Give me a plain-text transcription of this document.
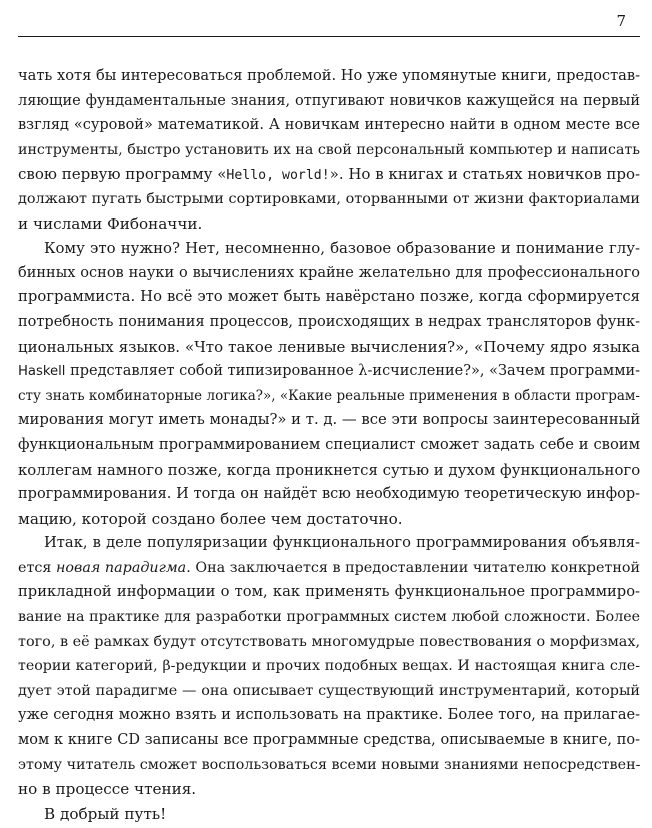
7
чать хотя бы интересоваться проблемой. Но уже упомянутые книги, предостав-
ляющие фундаментальные знания, отпугивают новичков кажущейся на первый
взгляд «суровой» математикой. А новичкам интересно найти в одном месте все
инструменты, быстро установить их на свой персональный компьютер и написать
свою первую программу «Hello, world!». Но в книгах и статьях новичков про-
должают пугать быстрыми сортировками, оторванными от жизни факториалами
и числами Фибоначчи.
Кому это нужно? Нет, несомненно, базовое образование и понимание глу-
бинных основ науки о вычислениях крайне желательно для профессионального
программиста. Но всё это может быть навёрстано позже, когда сформируется
потребность понимания процессов, происходящих в недрах трансляторов функ-
циональных языков. «Что такое ленивые вычисления?», «Почему ядро языка
Haskell представляет собой типизированное λ-исчисление?», «Зачем программи-
сту знать комбинаторные логика?», «Какие реальные применения в области програм-
мирования могут иметь монады?» и т. д. — все эти вопросы заинтересованный
функциональным программированием специалист сможет задать себе и своим
коллегам намного позже, когда проникнется сутью и духом функционального
программирования. И тогда он найдёт всю необходимую теоретическую инфор-
мацию, которой создано более чем достаточно.
Итак, в деле популяризации функционального программирования объявля-
ется новая парадигма. Она заключается в предоставлении читателю конкретной
прикладной информации о том, как применять функциональное программиро-
вание на практике для разработки программных систем любой сложности. Более
того, в её рамках будут отсутствовать многомудрые повествования о морфизмах,
теории категорий, β-редукции и прочих подобных вещах. И настоящая книга сле-
дует этой парадигме — она описывает существующий инструментарий, который
уже сегодня можно взять и использовать на практике. Более того, на прилагае-
мом к книге CD записаны все программные средства, описываемые в книге, по-
этому читатель сможет воспользоваться всеми новыми знаниями непосредствен-
но в процессе чтения.
В добрый путь!
